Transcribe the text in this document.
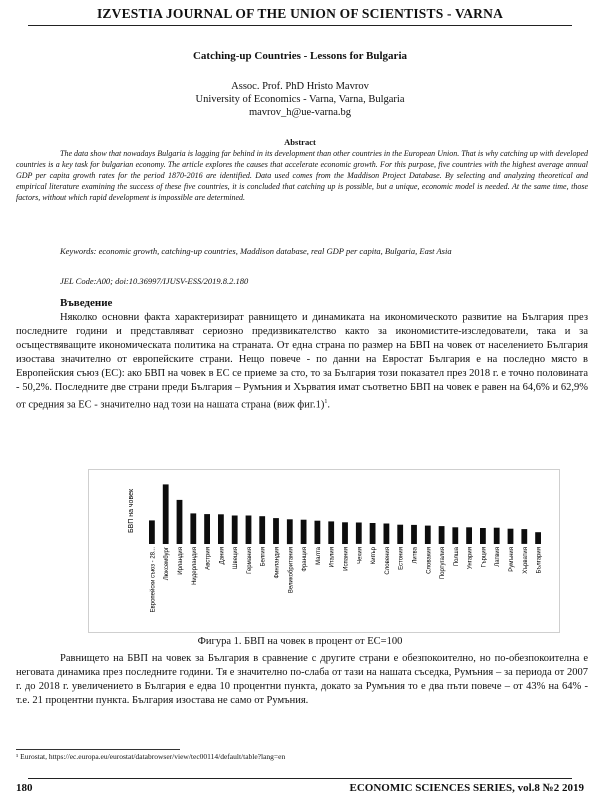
IZVESTIA JOURNAL OF THE UNION OF SCIENTISTS - VARNA
Catching-up Countries - Lessons for Bulgaria
Assoc. Prof. PhD Hristo Mavrov
University of Economics - Varna, Varna, Bulgaria
mavrov_h@ue-varna.bg
Abstract
The data show that nowadays Bulgaria is lagging far behind in its development than other countries in the European Union. That is why catching up with developed countries is a key task for bulgarian economy. The article explores the causes that accelerate economic growth. For this purpose, five countries with the highest average annual GDP per capita growth rates for the period 1870-2016 are identified. Data used comes from the Maddison Project Database. By selecting and analyzing theoretical and empirical literature examining the success of these five countries, it is concluded that catching up is possible, but a unique, economic model is needed. At the same time, those factors, without which rapid development is impossible are determined.
Keywords: economic growth, catching-up countries, Maddison database, real GDP per capita, Bulgaria, East Asia
JEL Code:A00; doi:10.36997/IJUSV-ESS/2019.8.2.180
Въведение
Няколко основни факта характеризират равнището и динамиката на икономическото развитие на България през последните години и представляват сериозно предизвикателство както за икономистите-изследователи, така и за осъществяващите икономическата политика на страната. От една страна по размер на БВП на човек от населението България изостава значително от европейските страни. Нещо повече - по данни на Евростат България е на последно място в Европейския съюз (ЕС): ако БВП на човек в ЕС се приеме за сто, то за България този показател през 2018 г. е точно половината - 50,2%. Последните две страни преди България – Румъния и Хърватия имат съответно БВП на човек е равен на 64,6% и 62,9% от средния за ЕС - значително над този на нашата страна (виж фиг.1)$^1$.
БВП на човек
Европейски съюз - 28... Люксембург Ирландия Нидерландия Австрия Дания Швеция Германия Белгия Финландия Великобритания Франция Малта Италия Испания Чехия Кипър Словения Естония Литва Словакия Португалия Полша Унгария Гърция Латвия Румъния Хърватия България
Фигура 1. БВП на човек в процент от ЕС=100
Равнището на БВП на човек за България в сравнение с другите страни е обезпокоително, но по-обезпокоителна е неговата динамика през последните години. Тя е значително по-слаба от тази на нашата съседка, Румъния – за периода от 2007 г. до 2018 г. увеличението в България е едва 10 процентни пункта, докато за Румъния то е два пъти повече – от 43% на 64% - т.е. 21 процентни пункта. България изостава не само от Румъния.
¹ Eurostat, https://ec.europa.eu/eurostat/databrowser/view/tec00114/default/table?lang=en
180	ECONOMIC SCIENCES SERIES, vol.8 №2 2019
